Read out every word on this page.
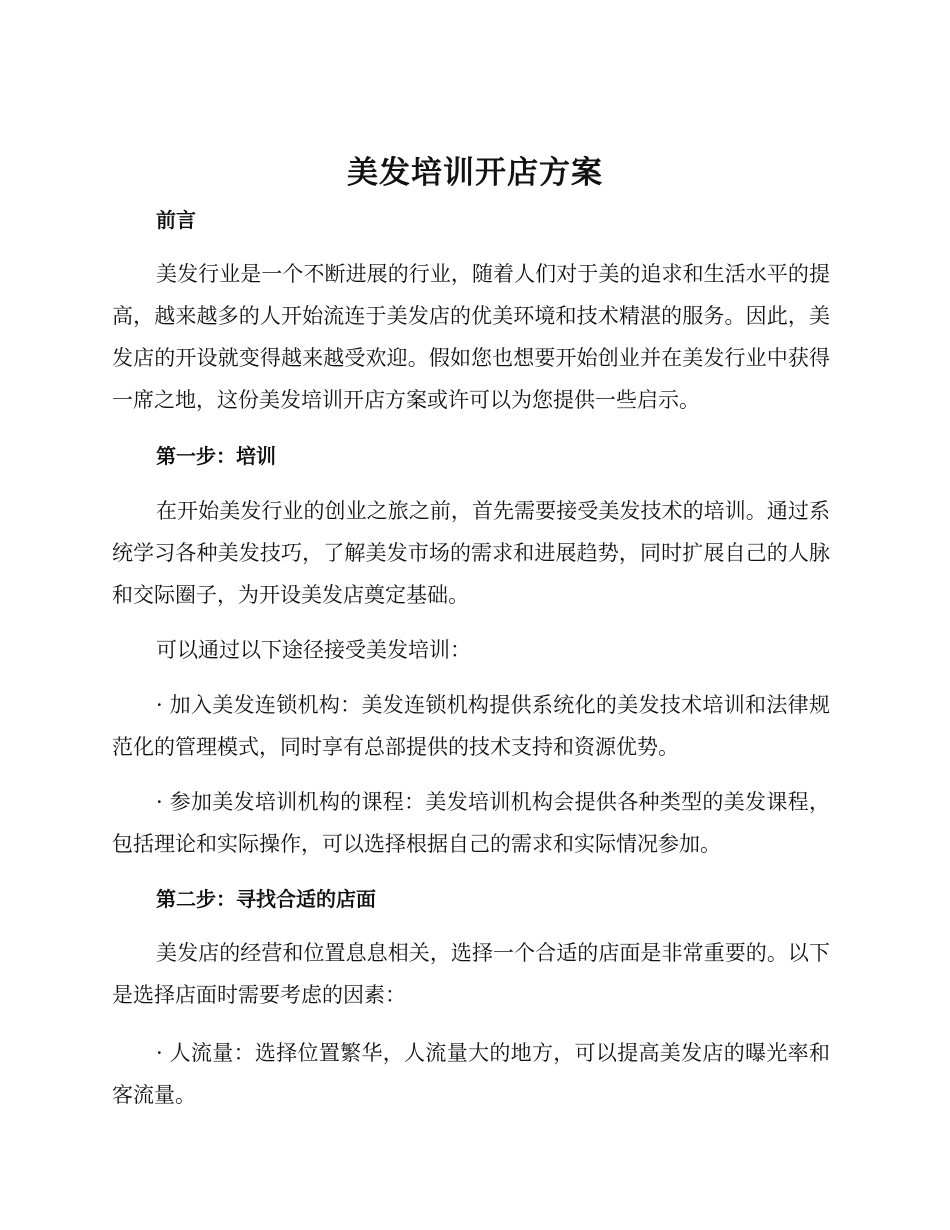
美发培训开店方案
前言

美发行业是一个不断进展的行业，随着人们对于美的追求和生活水平的提高，越来越多的人开始流连于美发店的优美环境和技术精湛的服务。因此，美发店的开设就变得越来越受欢迎。假如您也想要开始创业并在美发行业中获得一席之地，这份美发培训开店方案或许可以为您提供一些启示。

第一步：培训

在开始美发行业的创业之旅之前，首先需要接受美发技术的培训。通过系统学习各种美发技巧，了解美发市场的需求和进展趋势，同时扩展自己的人脉和交际圈子，为开设美发店奠定基础。

可以通过以下途径接受美发培训：

· 加入美发连锁机构：美发连锁机构提供系统化的美发技术培训和法律规范化的管理模式，同时享有总部提供的技术支持和资源优势。

· 参加美发培训机构的课程：美发培训机构会提供各种类型的美发课程，包括理论和实际操作，可以选择根据自己的需求和实际情况参加。

第二步：寻找合适的店面

美发店的经营和位置息息相关，选择一个合适的店面是非常重要的。以下是选择店面时需要考虑的因素：

· 人流量：选择位置繁华，人流量大的地方，可以提高美发店的曝光率和客流量。
